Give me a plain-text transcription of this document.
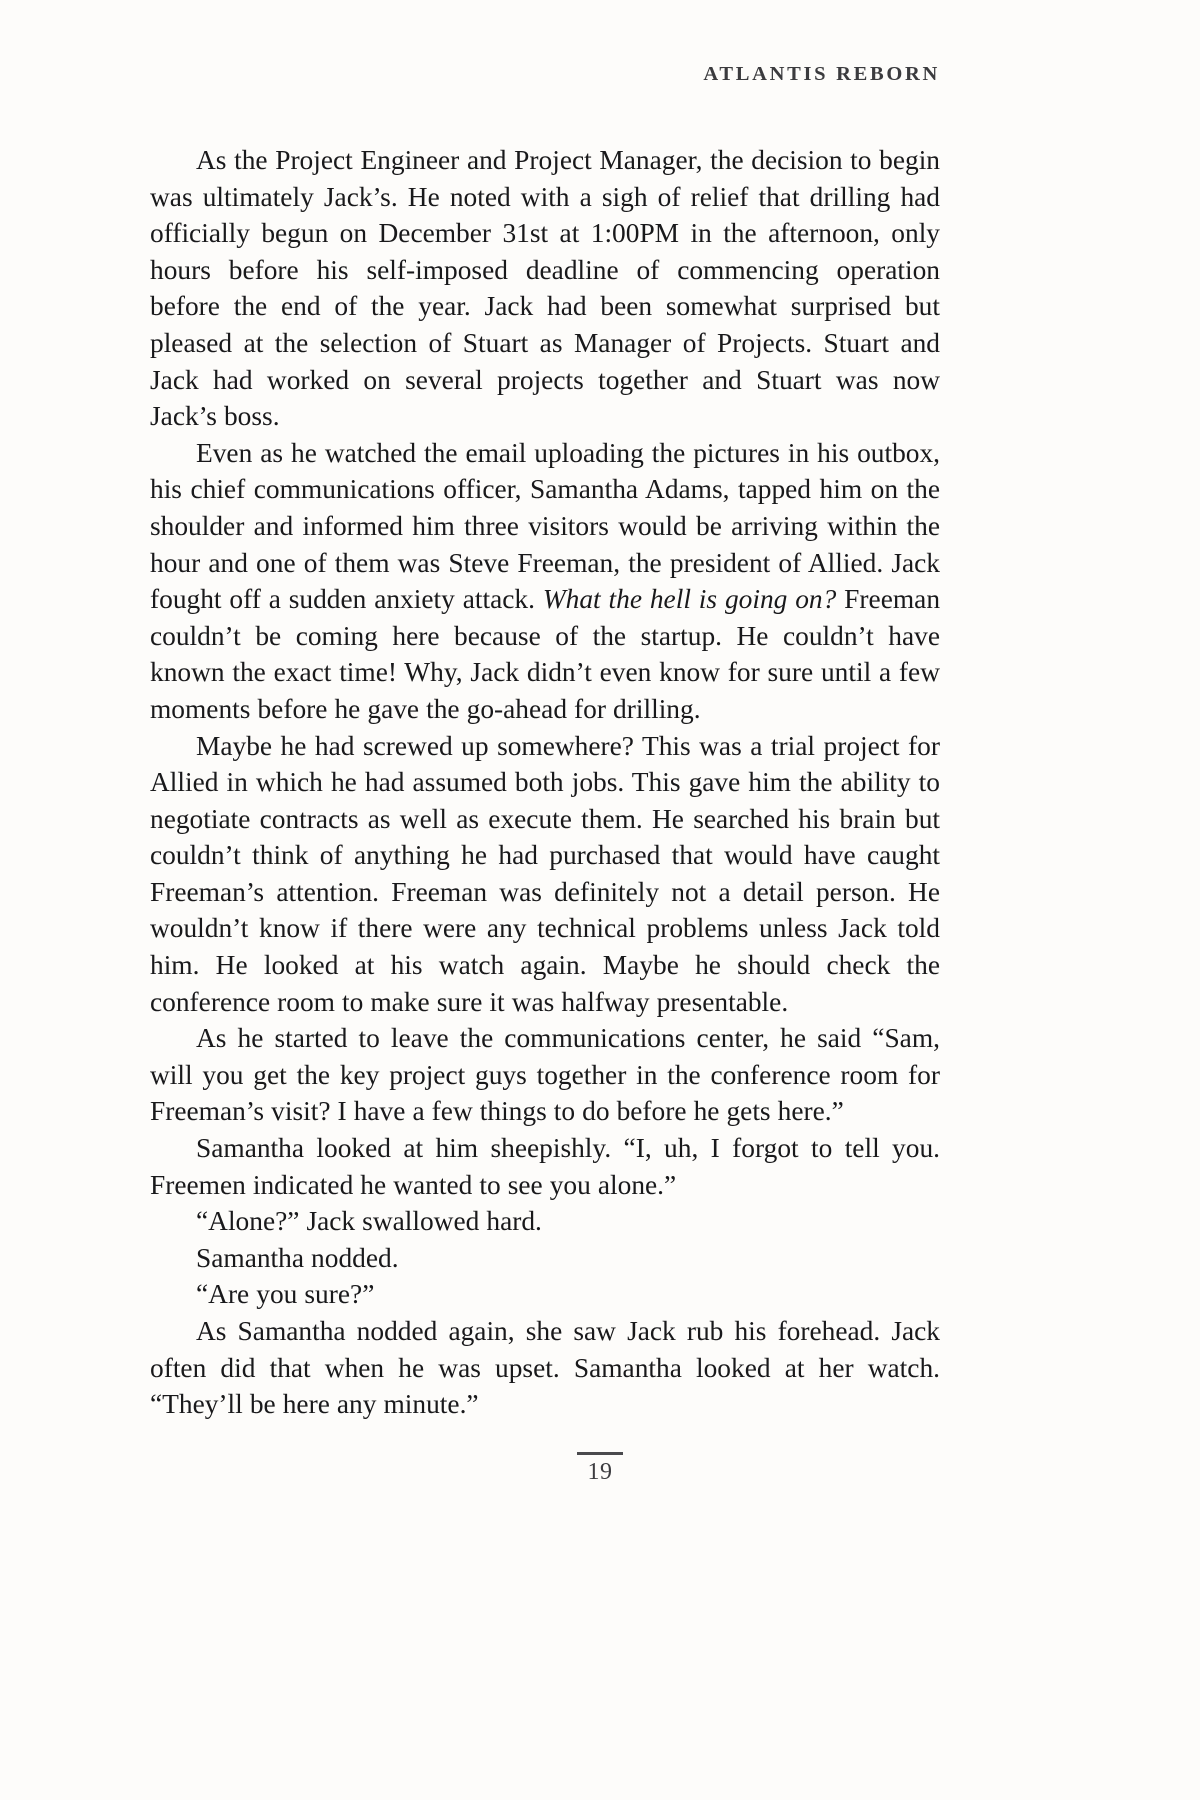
ATLANTIS REBORN

As the Project Engineer and Project Manager, the decision to begin was ultimately Jack’s. He noted with a sigh of relief that drilling had officially begun on December 31st at 1:00PM in the afternoon, only hours before his self-imposed deadline of commencing operation before the end of the year. Jack had been somewhat surprised but pleased at the selection of Stuart as Manager of Projects. Stuart and Jack had worked on several projects together and Stuart was now Jack’s boss.

Even as he watched the email uploading the pictures in his outbox, his chief communications officer, Samantha Adams, tapped him on the shoulder and informed him three visitors would be arriving within the hour and one of them was Steve Freeman, the president of Allied. Jack fought off a sudden anxiety attack. What the hell is going on? Freeman couldn’t be coming here because of the startup. He couldn’t have known the exact time! Why, Jack didn’t even know for sure until a few moments before he gave the go-ahead for drilling.

Maybe he had screwed up somewhere? This was a trial project for Allied in which he had assumed both jobs. This gave him the ability to negotiate contracts as well as execute them. He searched his brain but couldn’t think of anything he had purchased that would have caught Freeman’s attention. Freeman was definitely not a detail person. He wouldn’t know if there were any technical problems unless Jack told him. He looked at his watch again. Maybe he should check the conference room to make sure it was halfway presentable.

As he started to leave the communications center, he said “Sam, will you get the key project guys together in the conference room for Freeman’s visit? I have a few things to do before he gets here.”

Samantha looked at him sheepishly. “I, uh, I forgot to tell you. Freemen indicated he wanted to see you alone.”

“Alone?” Jack swallowed hard.

Samantha nodded.

“Are you sure?”

As Samantha nodded again, she saw Jack rub his forehead. Jack often did that when he was upset. Samantha looked at her watch. “They’ll be here any minute.”

19
